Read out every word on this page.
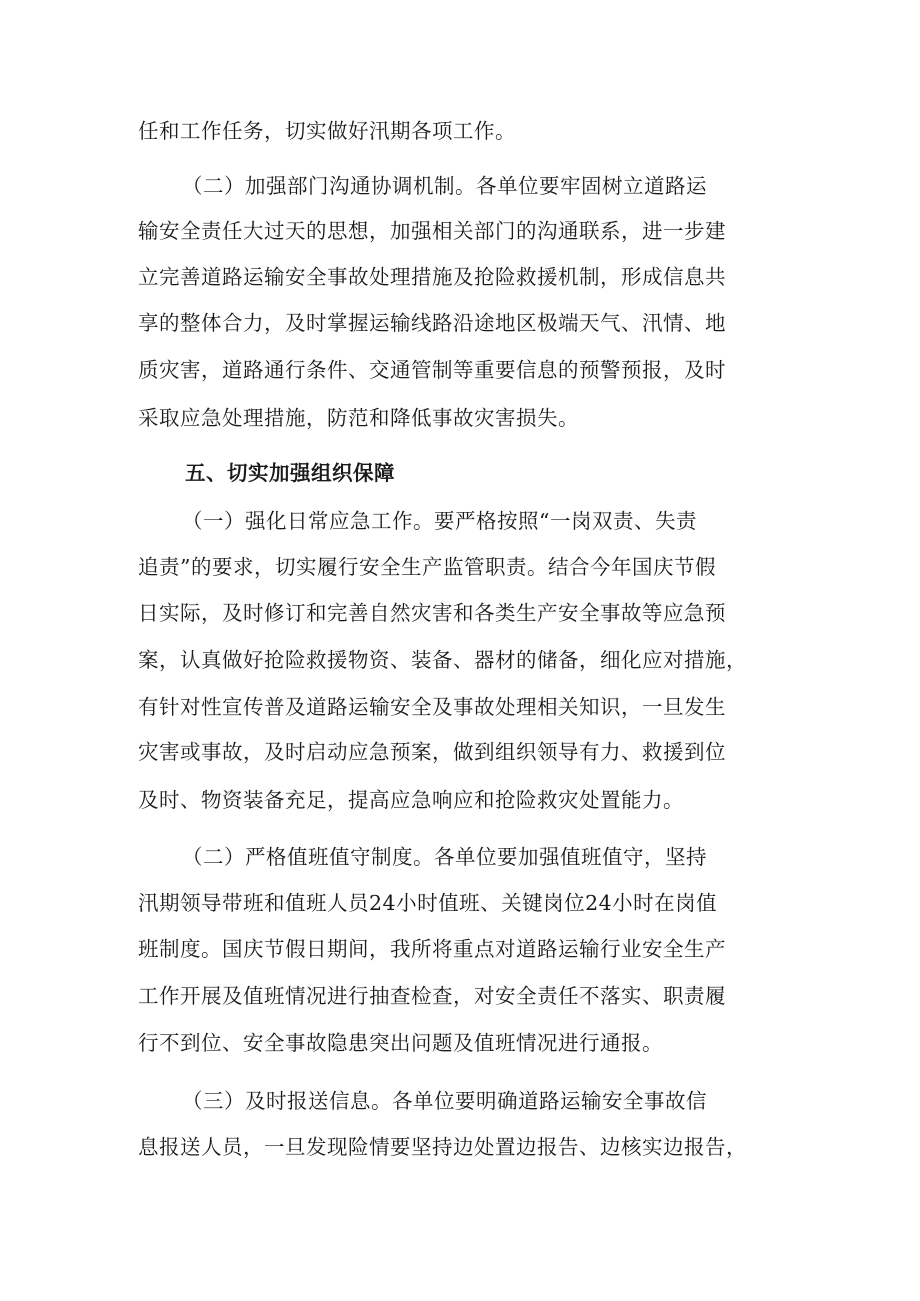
任和工作任务，切实做好汛期各项工作。
（二）加强部门沟通协调机制。各单位要牢固树立道路运
输安全责任大过天的思想，加强相关部门的沟通联系，进一步建
立完善道路运输安全事故处理措施及抢险救援机制，形成信息共
享的整体合力，及时掌握运输线路沿途地区极端天气、汛情、地
质灾害，道路通行条件、交通管制等重要信息的预警预报，及时
采取应急处理措施，防范和降低事故灾害损失。
五、切实加强组织保障
（一）强化日常应急工作。要严格按照“一岗双责、失责
追责”的要求，切实履行安全生产监管职责。结合今年国庆节假
日实际，及时修订和完善自然灾害和各类生产安全事故等应急预
案，认真做好抢险救援物资、装备、器材的储备，细化应对措施，
有针对性宣传普及道路运输安全及事故处理相关知识，一旦发生
灾害或事故，及时启动应急预案，做到组织领导有力、救援到位
及时、物资装备充足，提高应急响应和抢险救灾处置能力。
（二）严格值班值守制度。各单位要加强值班值守，坚持
汛期领导带班和值班人员24小时值班、关键岗位24小时在岗值
班制度。国庆节假日期间，我所将重点对道路运输行业安全生产
工作开展及值班情况进行抽查检查，对安全责任不落实、职责履
行不到位、安全事故隐患突出问题及值班情况进行通报。
（三）及时报送信息。各单位要明确道路运输安全事故信
息报送人员，一旦发现险情要坚持边处置边报告、边核实边报告，
